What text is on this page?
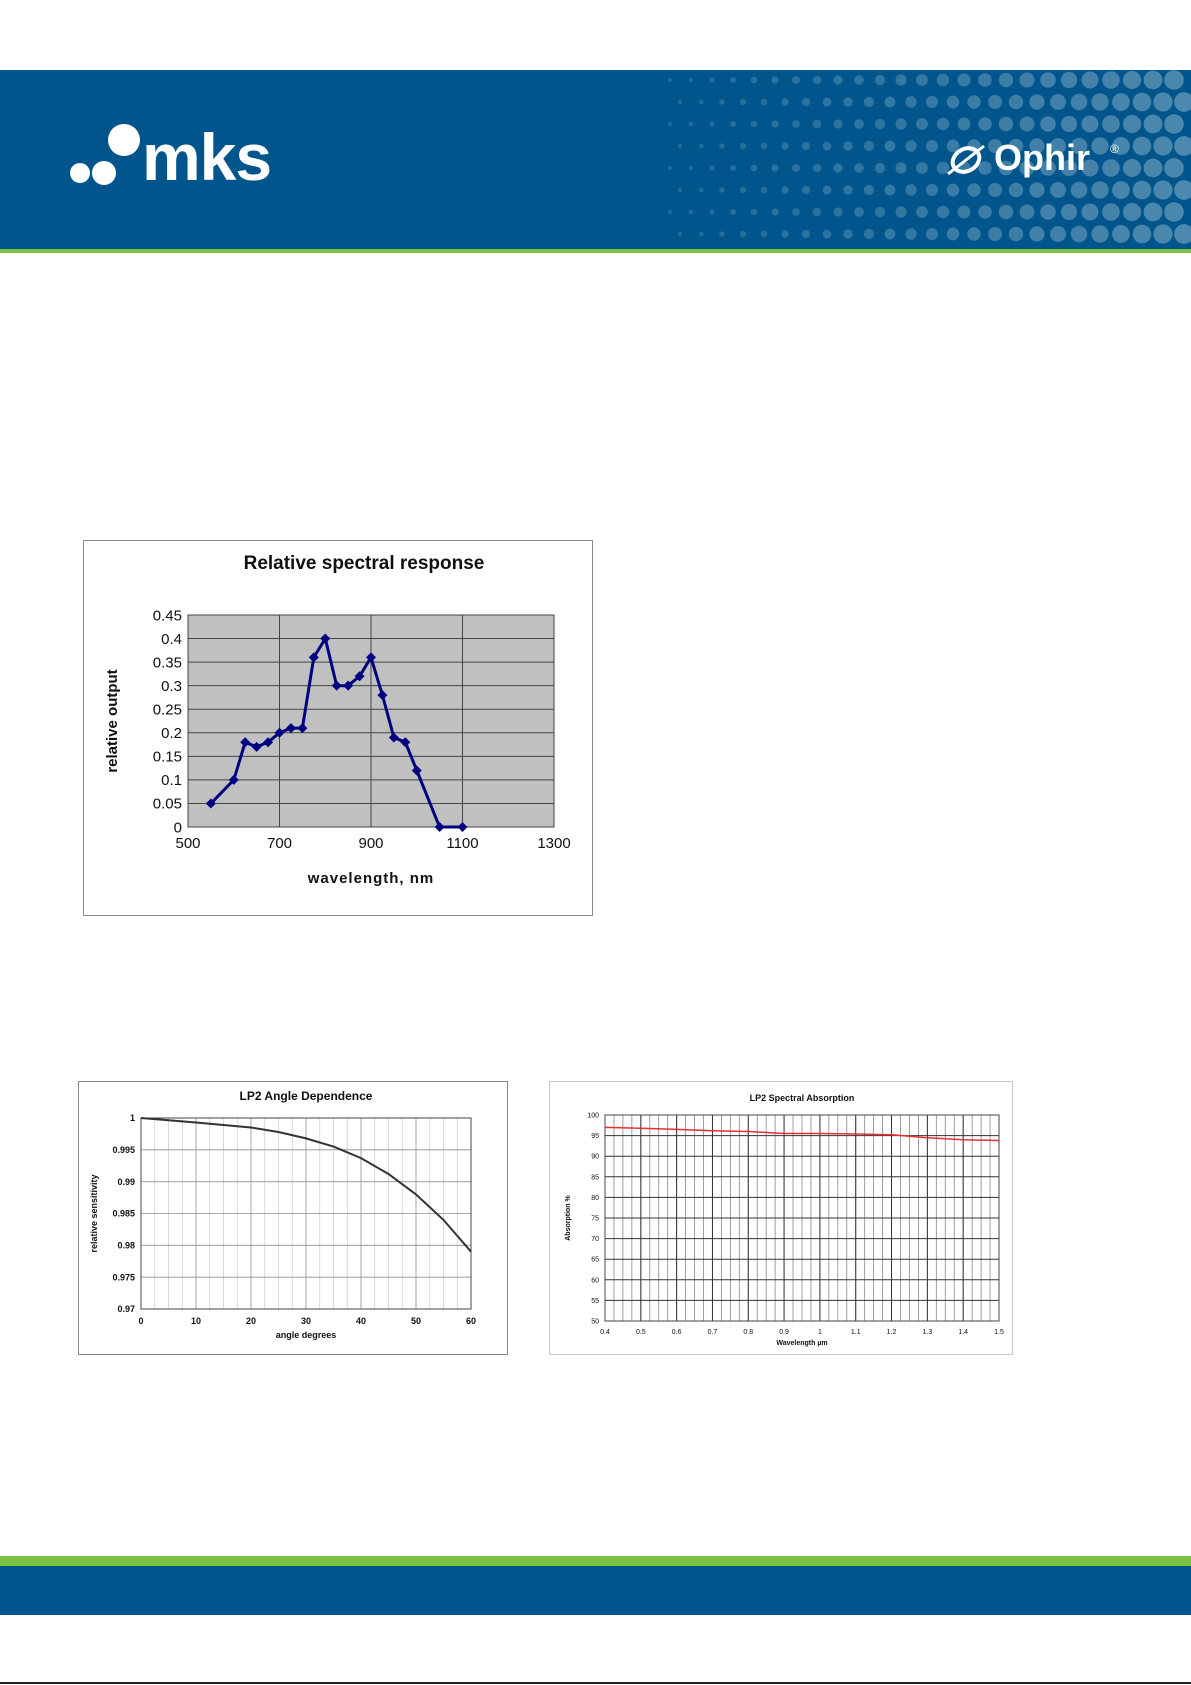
mks	Ophir ®
Relative spectral response
0
0.05
0.1
0.15
0.2
0.25
0.3
0.35
0.4
0.45
500	700	900	1100	1300
wavelength, nm
relative output
LP2 Angle Dependence
0.97
0.975
0.98
0.985
0.99
0.995
1
0	10	20	30	40	50	60
angle degrees
relative sensitivity
LP2 Spectral Absorption
50
55
60
65
70
75
80
85
90
95
100
0.4	0.5	0.6	0.7	0.8	0.9	1	1.1	1.2	1.3	1.4	1.5
Wavelength µm
Absorption %
